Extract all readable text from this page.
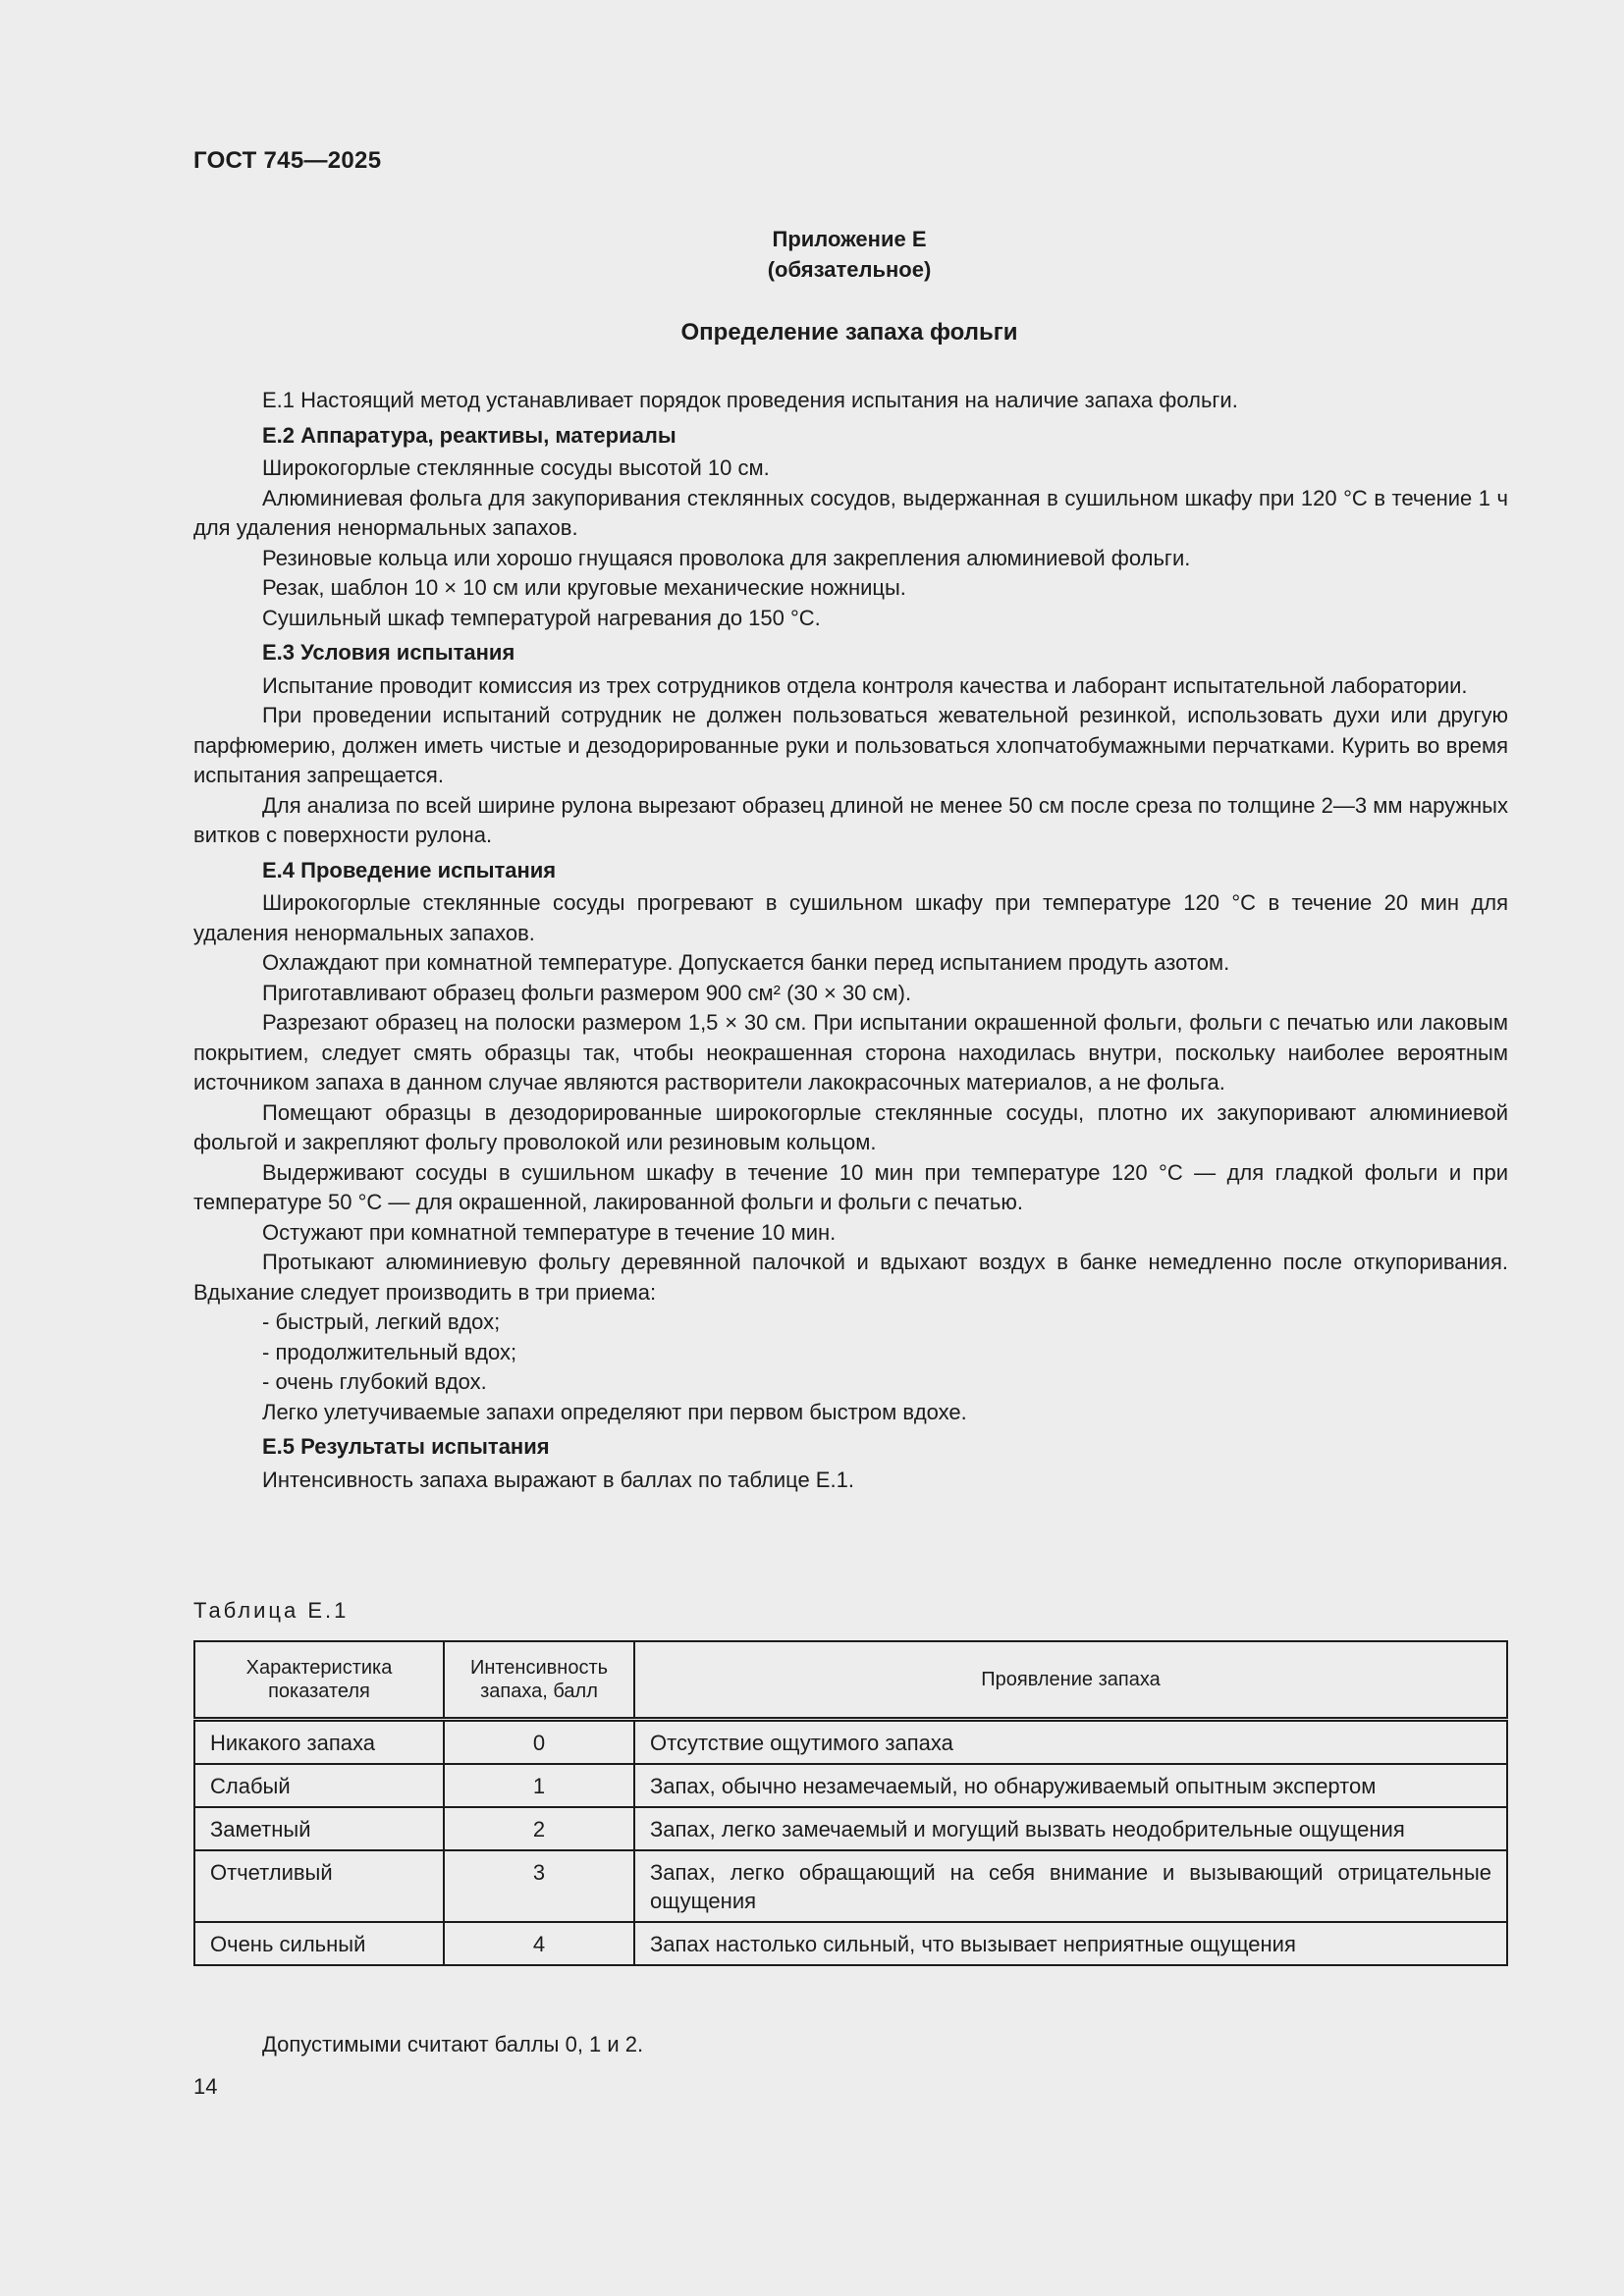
ГОСТ 745—2025
Приложение Е
(обязательное)
Определение запаха фольги

Е.1 Настоящий метод устанавливает порядок проведения испытания на наличие запаха фольги.

Е.2 Аппаратура, реактивы, материалы

Широкогорлые стеклянные сосуды высотой 10 см.

Алюминиевая фольга для закупоривания стеклянных сосудов, выдержанная в сушильном шкафу при 120 °С в течение 1 ч для удаления ненормальных запахов.

Резиновые кольца или хорошо гнущаяся проволока для закрепления алюминиевой фольги.

Резак, шаблон 10 × 10 см или круговые механические ножницы.

Сушильный шкаф температурой нагревания до 150 °С.

Е.3 Условия испытания

Испытание проводит комиссия из трех сотрудников отдела контроля качества и лаборант испытательной лаборатории.

При проведении испытаний сотрудник не должен пользоваться жевательной резинкой, использовать духи или другую парфюмерию, должен иметь чистые и дезодорированные руки и пользоваться хлопчатобумажными перчатками. Курить во время испытания запрещается.

Для анализа по всей ширине рулона вырезают образец длиной не менее 50 см после среза по толщине 2—3 мм наружных витков с поверхности рулона.

Е.4 Проведение испытания

Широкогорлые стеклянные сосуды прогревают в сушильном шкафу при температуре 120 °С в течение 20 мин для удаления ненормальных запахов.

Охлаждают при комнатной температуре. Допускается банки перед испытанием продуть азотом.

Приготавливают образец фольги размером 900 см² (30 × 30 см).

Разрезают образец на полоски размером 1,5 × 30 см. При испытании окрашенной фольги, фольги с печатью или лаковым покрытием, следует смять образцы так, чтобы неокрашенная сторона находилась внутри, поскольку наиболее вероятным источником запаха в данном случае являются растворители лакокрасочных материалов, а не фольга.

Помещают образцы в дезодорированные широкогорлые стеклянные сосуды, плотно их закупоривают алюминиевой фольгой и закрепляют фольгу проволокой или резиновым кольцом.

Выдерживают сосуды в сушильном шкафу в течение 10 мин при температуре 120 °С — для гладкой фольги и при температуре 50 °С — для окрашенной, лакированной фольги и фольги с печатью.

Остужают при комнатной температуре в течение 10 мин.

Протыкают алюминиевую фольгу деревянной палочкой и вдыхают воздух в банке немедленно после откупоривания. Вдыхание следует производить в три приема:

- быстрый, легкий вдох;

- продолжительный вдох;

- очень глубокий вдох.

Легко улетучиваемые запахи определяют при первом быстром вдохе.

Е.5 Результаты испытания

Интенсивность запаха выражают в баллах по таблице Е.1.

Таблица Е.1
Характеристика показателя	Интенсивность запаха, балл	Проявление запаха
Никакого запаха	0	Отсутствие ощутимого запаха
Слабый	1	Запах, обычно незамечаемый, но обнаруживаемый опытным экспертом
Заметный	2	Запах, легко замечаемый и могущий вызвать неодобрительные ощущения
Отчетливый	3	Запах, легко обращающий на себя внимание и вызывающий отрицательные ощущения
Очень сильный	4	Запах настолько сильный, что вызывает неприятные ощущения
Допустимыми считают баллы 0, 1 и 2.
14
